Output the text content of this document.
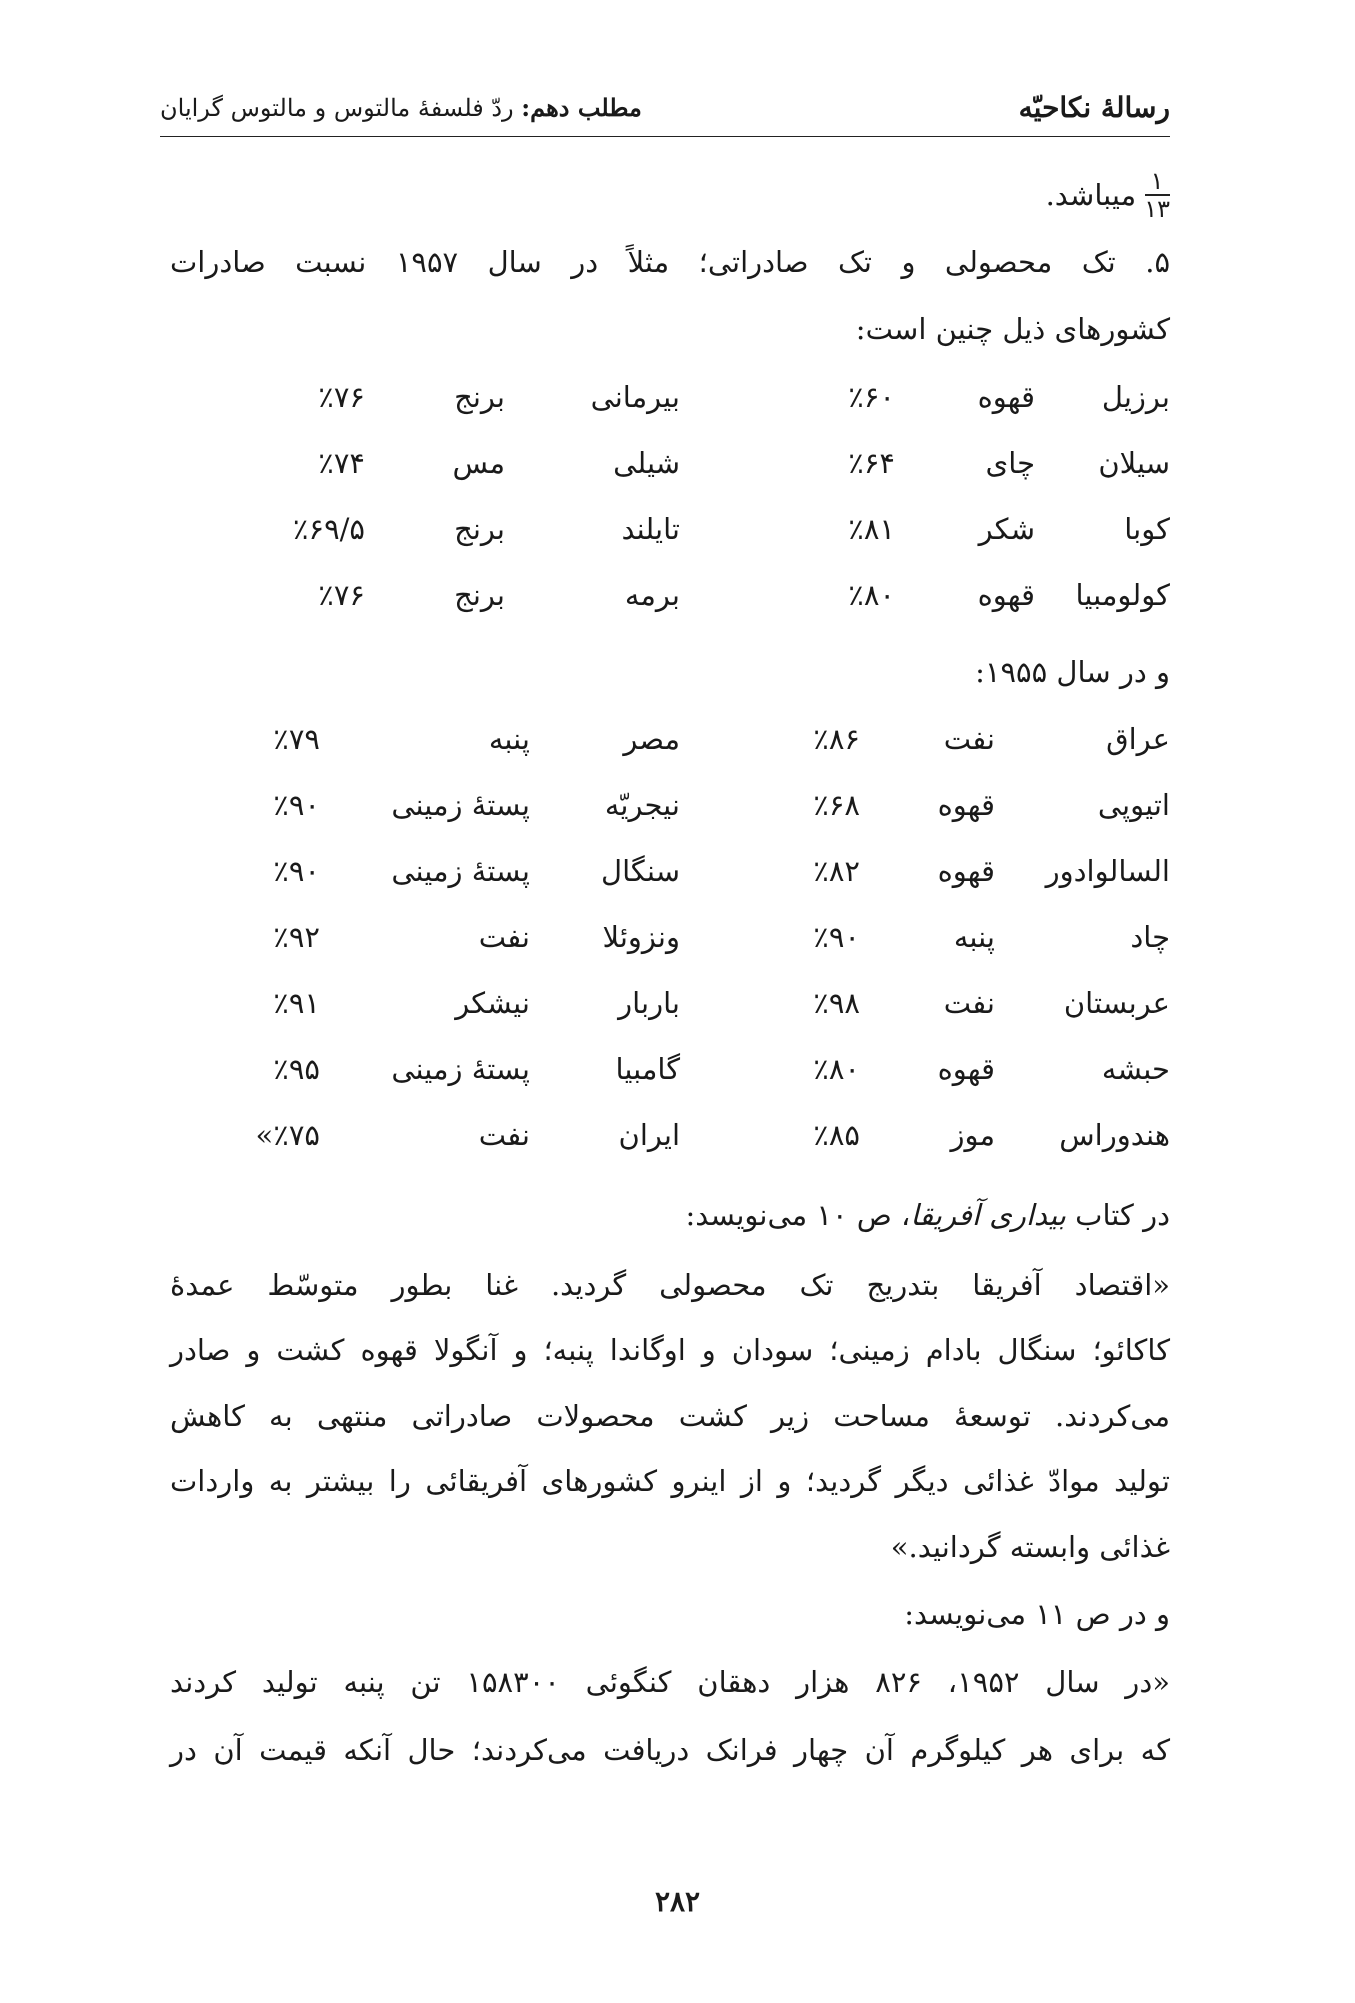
رسالهٔ نکاحیّه
مطلب دهم: ردّ فلسفهٔ مالتوس و مالتوس گرایان
$\frac{۱}{۱۳}$
میباشد.
۵. تک محصولی و تک صادراتی؛ مثلاً در سال ۱۹۵۷ نسبت صادرات
کشورهای ذیل چنین است:
برزیل
قهوه
٪۶۰
بیرمانی
برنج
٪۷۶
سیلان
چای
٪۶۴
شیلی
مس
٪۷۴
کوبا
شکر
٪۸۱
تایلند
برنج
٪۶۹/۵
کولومبیا
قهوه
٪۸۰
برمه
برنج
٪۷۶
و در سال ۱۹۵۵:
عراق
نفت
٪۸۶
مصر
پنبه
٪۷۹
اتیوپی
قهوه
٪۶۸
نیجریّه
پستهٔ زمینی
٪۹۰
السالوادور
قهوه
٪۸۲
سنگال
پستهٔ زمینی
٪۹۰
چاد
پنبه
٪۹۰
ونزوئلا
نفت
٪۹۲
عربستان
نفت
٪۹۸
باربار
نیشکر
٪۹۱
حبشه
قهوه
٪۸۰
گامبیا
پستهٔ زمینی
٪۹۵
هندوراس
موز
٪۸۵
ایران
نفت
٪۷۵»
در کتاب بیداری آفریقا، ص ۱۰ می‌نویسد:
«اقتصاد آفریقا بتدریج تک محصولی گردید. غنا بطور متوسّط عمدهٔ
کاکائو؛ سنگال بادام زمینی؛ سودان و اوگاندا پنبه؛ و آنگولا قهوه کشت و صادر
می‌کردند. توسعهٔ مساحت زیر کشت محصولات صادراتی منتهی به کاهش
تولید موادّ غذائی دیگر گردید؛ و از اینرو کشورهای آفریقائی را بیشتر به واردات
غذائی وابسته گردانید.»
و در ص ۱۱ می‌نویسد:
«در سال ۱۹۵۲، ۸۲۶ هزار دهقان کنگوئی ۱۵۸۳۰۰ تن پنبه تولید کردند
که برای هر کیلوگرم آن چهار فرانک دریافت می‌کردند؛ حال آنکه قیمت آن در
۲۸۲
